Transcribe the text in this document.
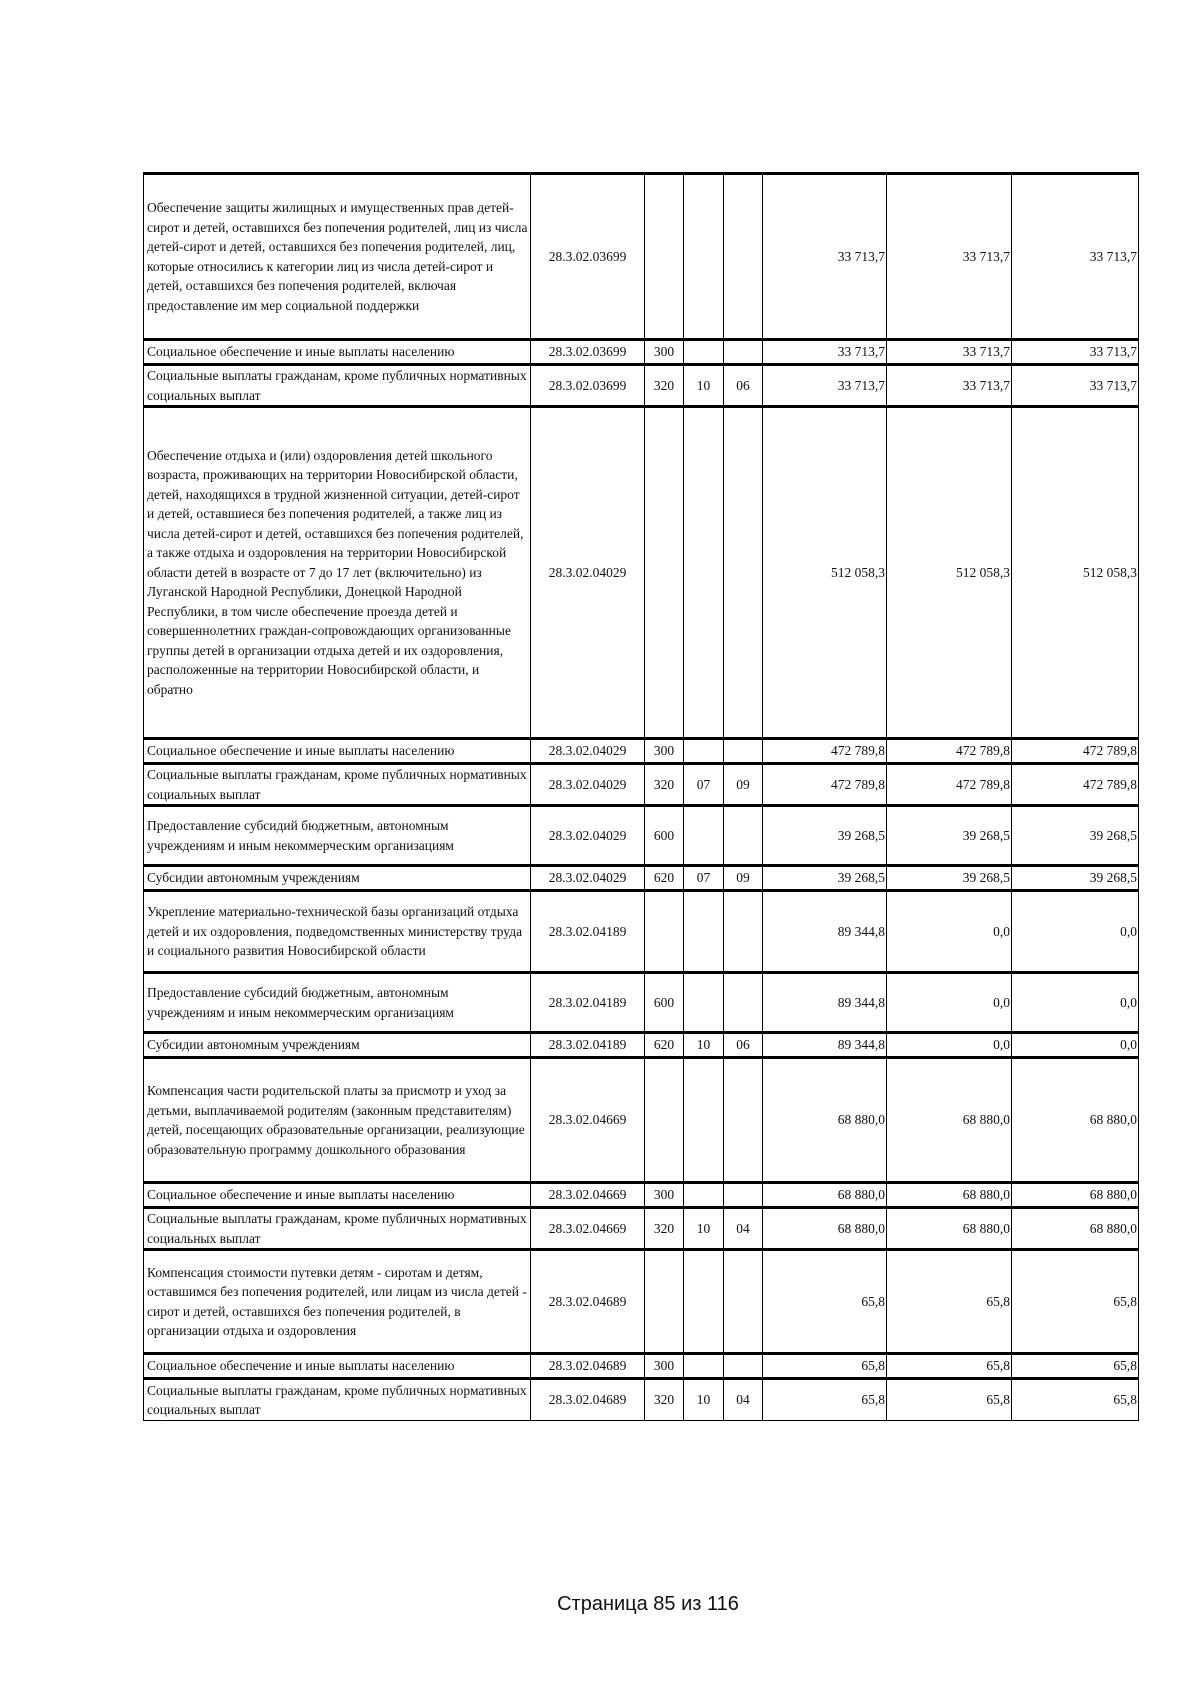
Обеспечение защиты жилищных и имущественных прав детей-сирот и детей, оставшихся без попечения родителей, лиц из числа детей-сирот и детей, оставшихся без попечения родителей, лиц, которые относились к категории лиц из числа детей-сирот и детей, оставшихся без попечения родителей, включая предоставление им мер социальной поддержки	28.3.02.03699				33 713,7	33 713,7	33 713,7
Социальное обеспечение и иные выплаты населению	28.3.02.03699	300			33 713,7	33 713,7	33 713,7
Социальные выплаты гражданам, кроме публичных нормативных социальных выплат	28.3.02.03699	320	10	06	33 713,7	33 713,7	33 713,7
Обеспечение отдыха и (или) оздоровления детей школьного возраста, проживающих на территории Новосибирской области, детей, находящихся в трудной жизненной ситуации, детей-сирот и детей, оставшиеся без попечения родителей, а также лиц из числа детей-сирот и детей, оставшихся без попечения родителей, а также отдыха и оздоровления на территории Новосибирской области детей в возрасте от 7 до 17 лет (включительно) из Луганской Народной Республики, Донецкой Народной Республики, в том числе обеспечение проезда детей и совершеннолетних граждан-сопровождающих организованные группы детей в организации отдыха детей и их оздоровления, расположенные на территории Новосибирской области, и обратно	28.3.02.04029				512 058,3	512 058,3	512 058,3
Социальное обеспечение и иные выплаты населению	28.3.02.04029	300			472 789,8	472 789,8	472 789,8
Социальные выплаты гражданам, кроме публичных нормативных социальных выплат	28.3.02.04029	320	07	09	472 789,8	472 789,8	472 789,8
Предоставление субсидий бюджетным, автономным учреждениям и иным некоммерческим организациям	28.3.02.04029	600			39 268,5	39 268,5	39 268,5
Субсидии автономным учреждениям	28.3.02.04029	620	07	09	39 268,5	39 268,5	39 268,5
Укрепление материально-технической базы организаций отдыха детей и их оздоровления, подведомственных министерству труда и социального развития Новосибирской области	28.3.02.04189				89 344,8	0,0	0,0
Предоставление субсидий бюджетным, автономным учреждениям и иным некоммерческим организациям	28.3.02.04189	600			89 344,8	0,0	0,0
Субсидии автономным учреждениям	28.3.02.04189	620	10	06	89 344,8	0,0	0,0
Компенсация части родительской платы за присмотр и уход за детьми, выплачиваемой родителям (законным представителям) детей, посещающих образовательные организации, реализующие образовательную программу дошкольного образования	28.3.02.04669				68 880,0	68 880,0	68 880,0
Социальное обеспечение и иные выплаты населению	28.3.02.04669	300			68 880,0	68 880,0	68 880,0
Социальные выплаты гражданам, кроме публичных нормативных социальных выплат	28.3.02.04669	320	10	04	68 880,0	68 880,0	68 880,0
Компенсация стоимости путевки детям - сиротам и детям, оставшимся без попечения родителей, или лицам из числа детей - сирот и детей, оставшихся без попечения родителей, в организации отдыха и оздоровления	28.3.02.04689				65,8	65,8	65,8
Социальное обеспечение и иные выплаты населению	28.3.02.04689	300			65,8	65,8	65,8
Социальные выплаты гражданам, кроме публичных нормативных социальных выплат	28.3.02.04689	320	10	04	65,8	65,8	65,8
Страница 85 из 116
